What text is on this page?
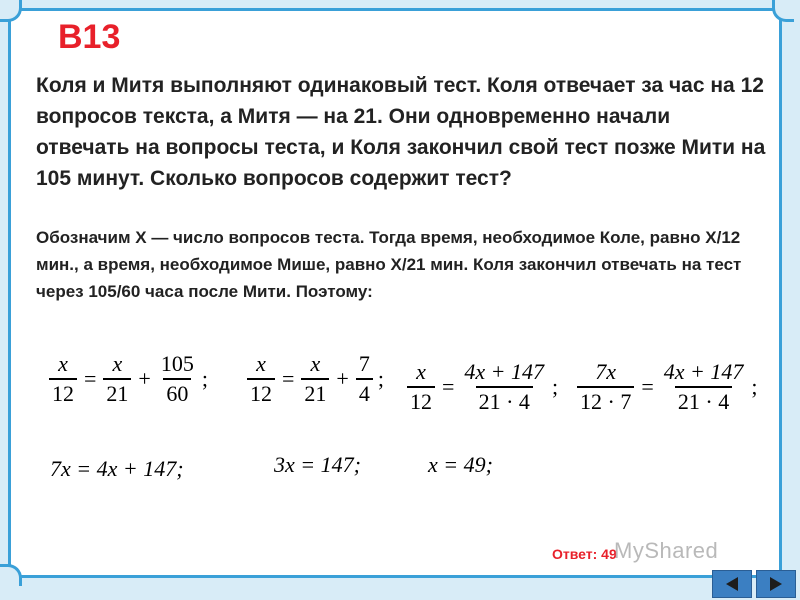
В13
Коля и Митя выполняют одинаковый тест. Коля отвечает за час на 12 вопросов текста, а Митя — на 21. Они одновременно начали отвечать на вопросы теста, и Коля закончил свой тест позже Мити на 105 минут. Сколько вопросов содержит тест?
Обозначим Х — число вопросов теста. Тогда время, необходимое Коле, равно Х/12 мин., а время, необходимое Мише, равно Х/21 мин. Коля закончил отвечать на тест через 105/60 часа после Мити. Поэтому:
$\frac{x}{12} = \frac{x}{21} + \frac{105}{60}$ ; $\frac{x}{12} = \frac{x}{21} + \frac{7}{4}$ ; $\frac{x}{12} = \frac{4x + 147}{21 \cdot 4}$ ; $\frac{7x}{12 \cdot 7} = \frac{4x + 147}{21 \cdot 4}$ ;
7x = 4x + 147;	3x = 147;	x = 49;
Ответ: 49
MyShared
